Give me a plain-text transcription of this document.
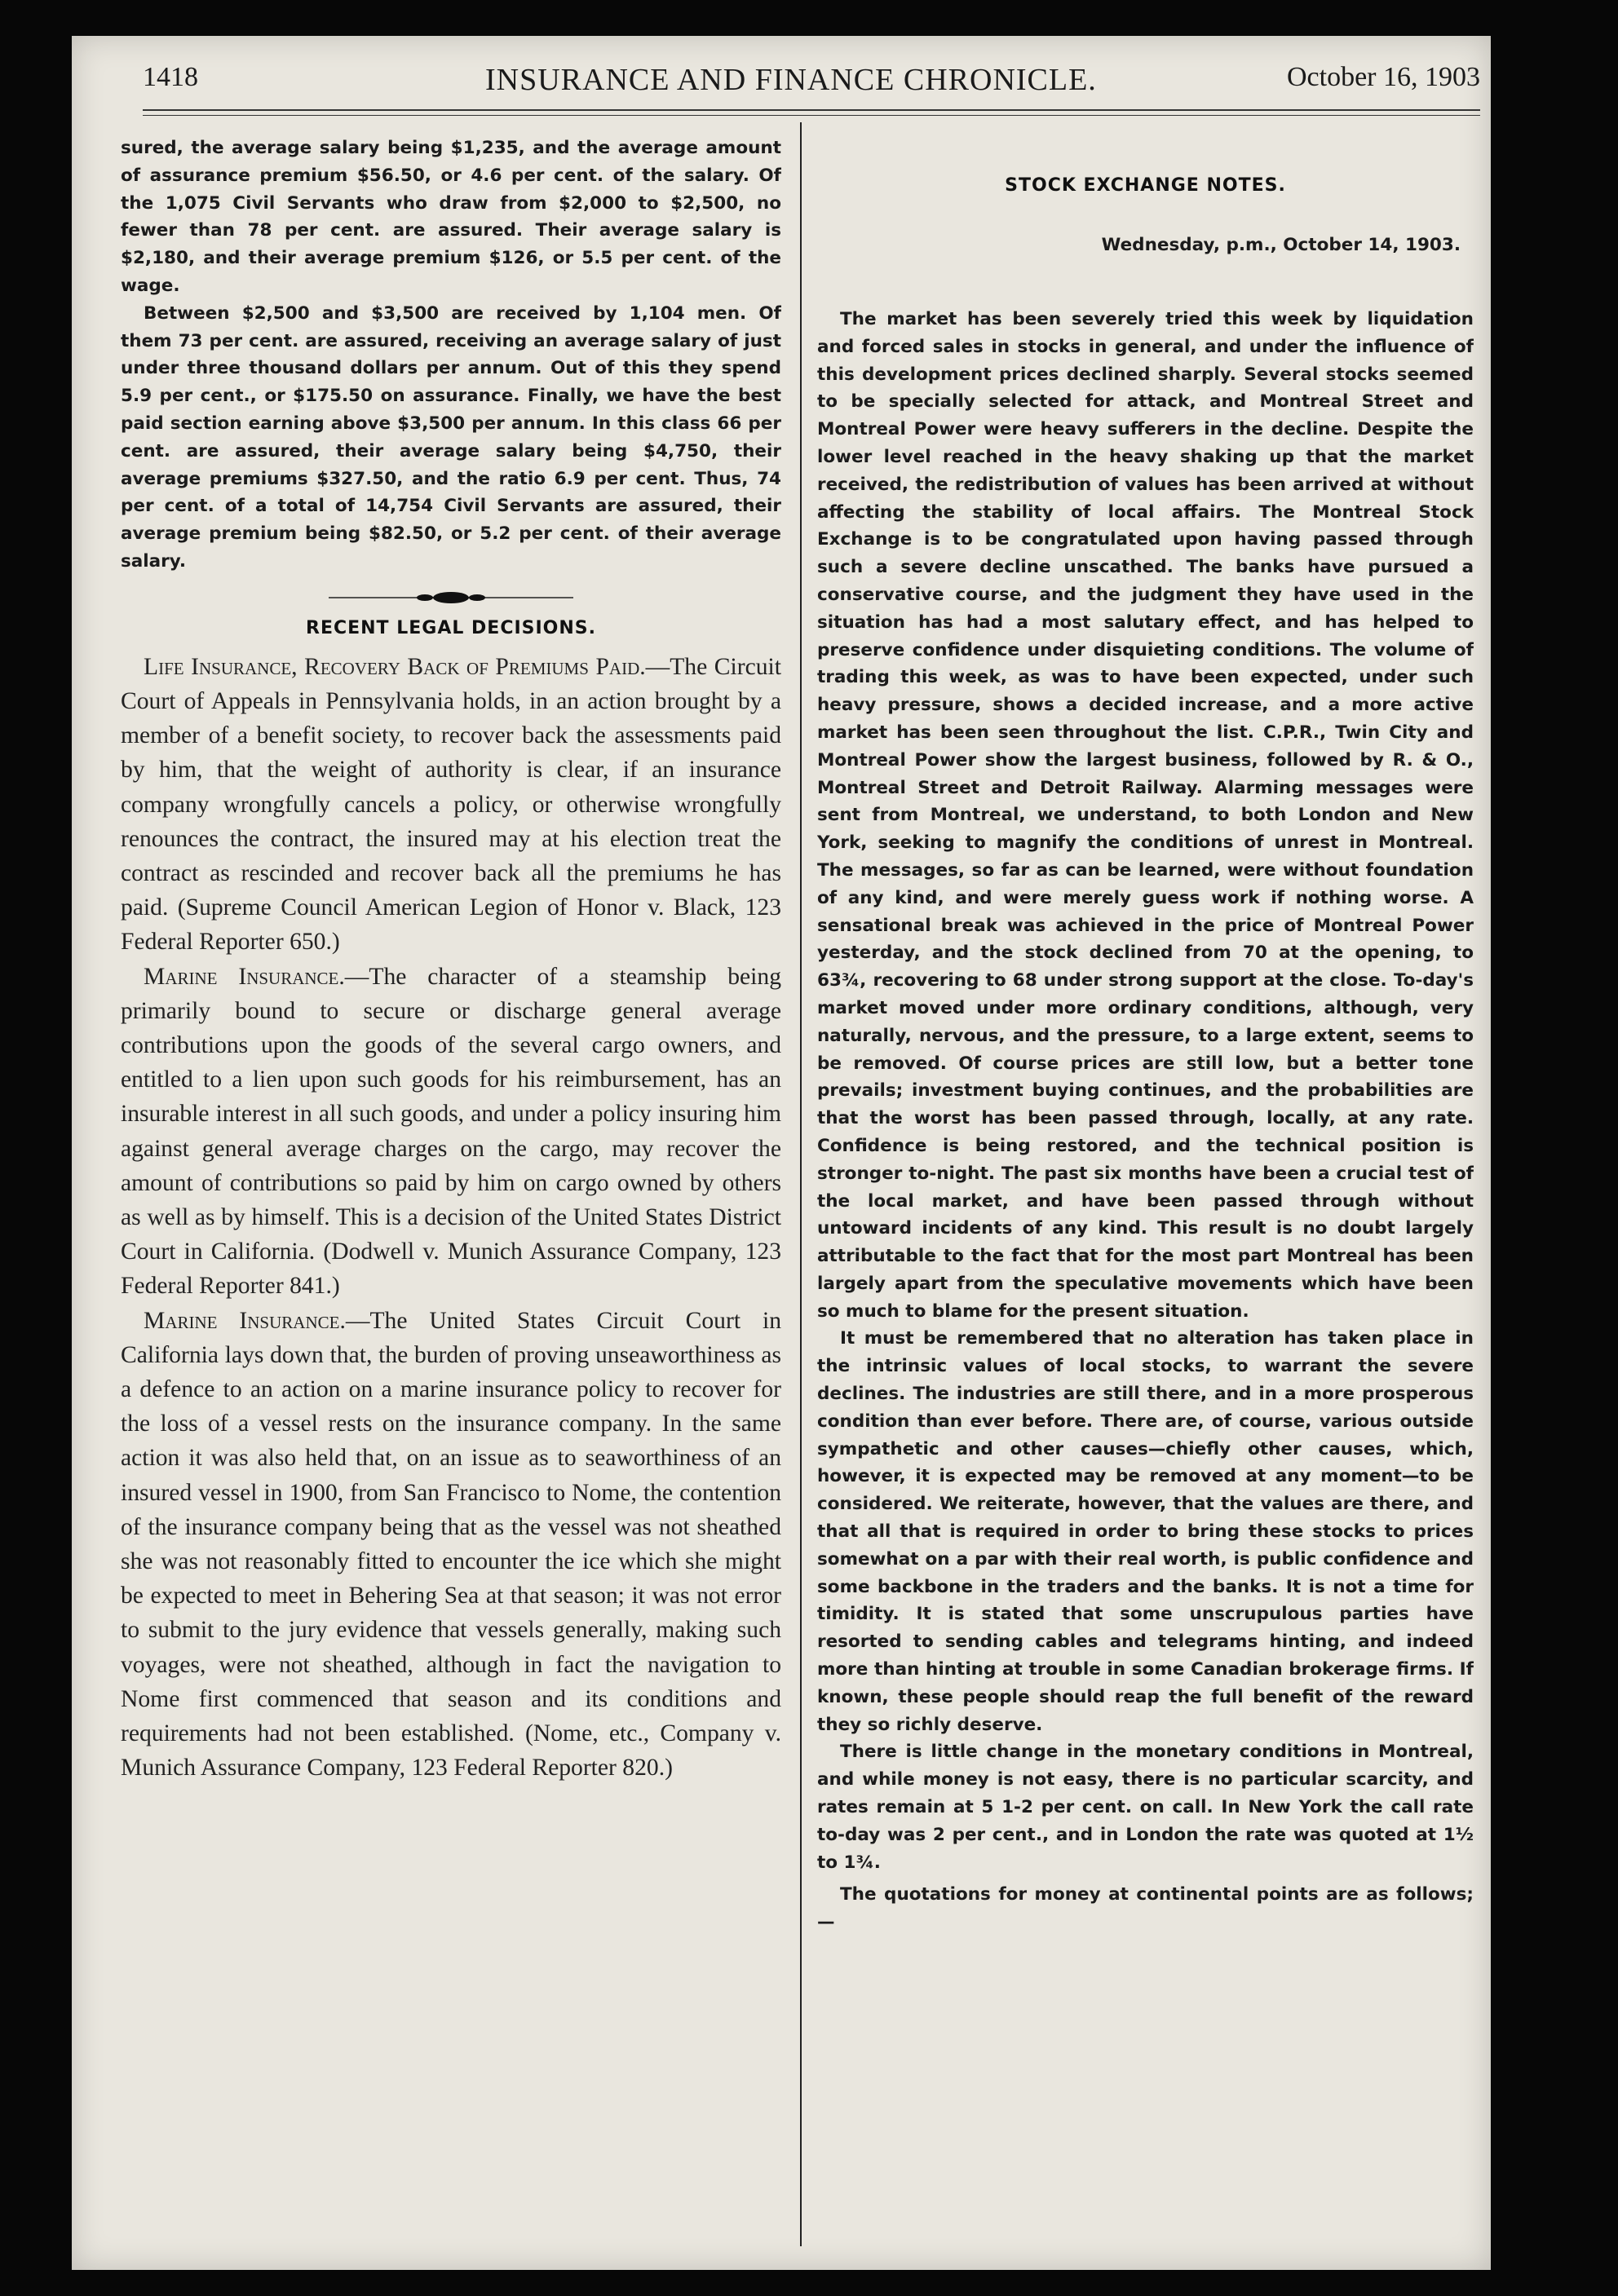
1418	INSURANCE AND FINANCE CHRONICLE.	October 16, 1903

sured, the average salary being $1,235, and the average amount of assurance premium $56.50, or 4.6 per cent. of the salary. Of the 1,075 Civil Servants who draw from $2,000 to $2,500, no fewer than 78 per cent. are assured. Their average salary is $2,180, and their average premium $126, or 5.5 per cent. of the wage.

Between $2,500 and $3,500 are received by 1,104 men. Of them 73 per cent. are assured, receiving an average salary of just under three thousand dollars per annum. Out of this they spend 5.9 per cent., or $175.50 on assurance. Finally, we have the best paid section earning above $3,500 per annum. In this class 66 per cent. are assured, their average salary being $4,750, their average premiums $327.50, and the ratio 6.9 per cent. Thus, 74 per cent. of a total of 14,754 Civil Servants are assured, their average premium being $82.50, or 5.2 per cent. of their average salary.

RECENT LEGAL DECISIONS.

Life Insurance, Recovery Back of Premiums Paid.—The Circuit Court of Appeals in Pennsylvania holds, in an action brought by a member of a benefit society, to recover back the assessments paid by him, that the weight of authority is clear, if an insurance company wrongfully cancels a policy, or otherwise wrongfully renounces the contract, the insured may at his election treat the contract as rescinded and recover back all the premiums he has paid. (Supreme Council American Legion of Honor v. Black, 123 Federal Reporter 650.)

Marine Insurance.—The character of a steamship being primarily bound to secure or discharge general average contributions upon the goods of the several cargo owners, and entitled to a lien upon such goods for his reimbursement, has an insurable interest in all such goods, and under a policy insuring him against general average charges on the cargo, may recover the amount of contributions so paid by him on cargo owned by others as well as by himself. This is a decision of the United States District Court in California. (Dodwell v. Munich Assurance Company, 123 Federal Reporter 841.)

Marine Insurance.—The United States Circuit Court in California lays down that, the burden of proving unseaworthiness as a defence to an action on a marine insurance policy to recover for the loss of a vessel rests on the insurance company. In the same action it was also held that, on an issue as to seaworthiness of an insured vessel in 1900, from San Francisco to Nome, the contention of the insurance company being that as the vessel was not sheathed she was not reasonably fitted to encounter the ice which she might be expected to meet in Behering Sea at that season; it was not error to submit to the jury evidence that vessels generally, making such voyages, were not sheathed, although in fact the navigation to Nome first commenced that season and its conditions and requirements had not been established. (Nome, etc., Company v. Munich Assurance Company, 123 Federal Reporter 820.)

STOCK EXCHANGE NOTES.

Wednesday, p.m., October 14, 1903.

The market has been severely tried this week by liquidation and forced sales in stocks in general, and under the influence of this development prices declined sharply. Several stocks seemed to be specially selected for attack, and Montreal Street and Montreal Power were heavy sufferers in the decline. Despite the lower level reached in the heavy shaking up that the market received, the redistribution of values has been arrived at without affecting the stability of local affairs. The Montreal Stock Exchange is to be congratulated upon having passed through such a severe decline unscathed. The banks have pursued a conservative course, and the judgment they have used in the situation has had a most salutary effect, and has helped to preserve confidence under disquieting conditions. The volume of trading this week, as was to have been expected, under such heavy pressure, shows a decided increase, and a more active market has been seen throughout the list. C.P.R., Twin City and Montreal Power show the largest business, followed by R. & O., Montreal Street and Detroit Railway. Alarming messages were sent from Montreal, we understand, to both London and New York, seeking to magnify the conditions of unrest in Montreal. The messages, so far as can be learned, were without foundation of any kind, and were merely guess work if nothing worse. A sensational break was achieved in the price of Montreal Power yesterday, and the stock declined from 70 at the opening, to 63¾, recovering to 68 under strong support at the close. To-day's market moved under more ordinary conditions, although, very naturally, nervous, and the pressure, to a large extent, seems to be removed. Of course prices are still low, but a better tone prevails; investment buying continues, and the probabilities are that the worst has been passed through, locally, at any rate. Confidence is being restored, and the technical position is stronger to-night. The past six months have been a crucial test of the local market, and have been passed through without untoward incidents of any kind. This result is no doubt largely attributable to the fact that for the most part Montreal has been largely apart from the speculative movements which have been so much to blame for the present situation.

It must be remembered that no alteration has taken place in the intrinsic values of local stocks, to warrant the severe declines. The industries are still there, and in a more prosperous condition than ever before. There are, of course, various outside sympathetic and other causes—chiefly other causes, which, however, it is expected may be removed at any moment—to be considered. We reiterate, however, that the values are there, and that all that is required in order to bring these stocks to prices somewhat on a par with their real worth, is public confidence and some backbone in the traders and the banks. It is not a time for timidity. It is stated that some unscrupulous parties have resorted to sending cables and telegrams hinting, and indeed more than hinting at trouble in some Canadian brokerage firms. If known, these people should reap the full benefit of the reward they so richly deserve.

There is little change in the monetary conditions in Montreal, and while money is not easy, there is no particular scarcity, and rates remain at 5 1-2 per cent. on call. In New York the call rate to-day was 2 per cent., and in London the rate was quoted at 1½ to 1¾.

The quotations for money at continental points are as follows;—
